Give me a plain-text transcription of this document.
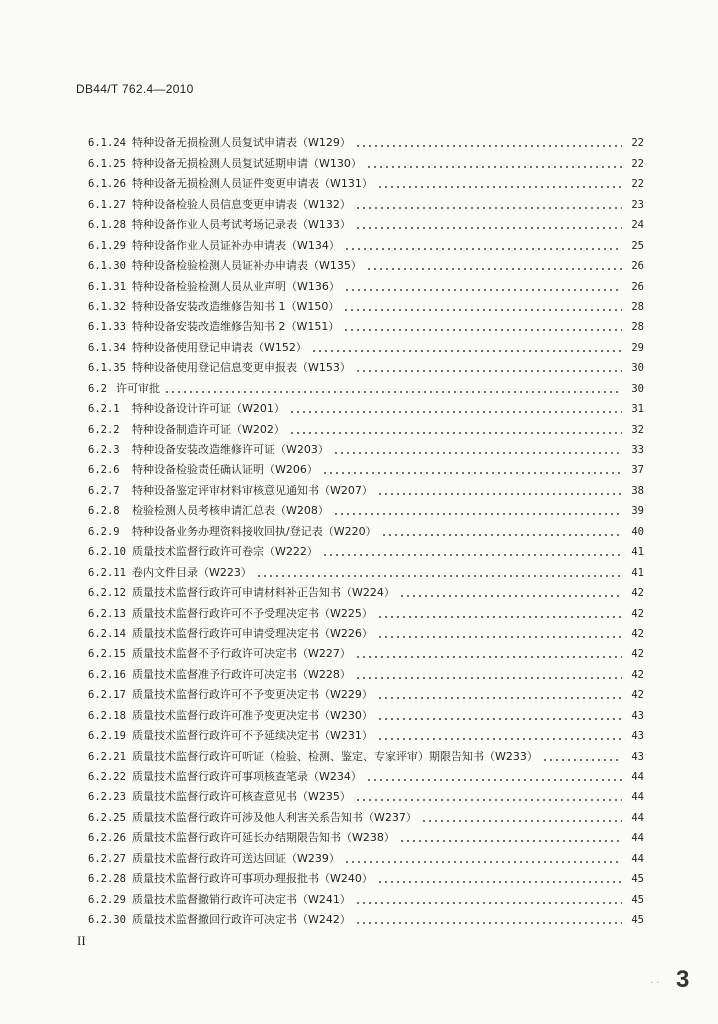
DB44/T 762.4—2010
6.1.24 特种设备无损检测人员复试申请表（W129）	22
6.1.25 特种设备无损检测人员复试延期申请（W130）	22
6.1.26 特种设备无损检测人员证件变更申请表（W131）	22
6.1.27 特种设备检验人员信息变更申请表（W132）	23
6.1.28 特种设备作业人员考试考场记录表（W133）	24
6.1.29 特种设备作业人员证补办申请表（W134）	25
6.1.30 特种设备检验检测人员证补办申请表（W135）	26
6.1.31 特种设备检验检测人员从业声明（W136）	26
6.1.32 特种设备安装改造维修告知书 1（W150）	28
6.1.33 特种设备安装改造维修告知书 2（W151）	28
6.1.34 特种设备使用登记申请表（W152）	29
6.1.35 特种设备使用登记信息变更申报表（W153）	30
6.2 许可审批	30
6.2.1	特种设备设计许可证（W201）	31
6.2.2	特种设备制造许可证（W202）	32
6.2.3	特种设备安装改造维修许可证（W203）	33
6.2.6	特种设备检验责任确认证明（W206）	37
6.2.7	特种设备鉴定评审材料审核意见通知书（W207）	38
6.2.8	检验检测人员考核申请汇总表（W208）	39
6.2.9	特种设备业务办理资料接收回执/登记表（W220）	40
6.2.10 质量技术监督行政许可卷宗（W222）	41
6.2.11 卷内文件目录（W223）	41
6.2.12 质量技术监督行政许可申请材料补正告知书（W224）	42
6.2.13 质量技术监督行政许可不予受理决定书（W225）	42
6.2.14 质量技术监督行政许可申请受理决定书（W226）	42
6.2.15 质量技术监督不予行政许可决定书（W227）	42
6.2.16 质量技术监督准予行政许可决定书（W228）	42
6.2.17 质量技术监督行政许可不予变更决定书（W229）	42
6.2.18 质量技术监督行政许可准予变更决定书（W230）	43
6.2.19 质量技术监督行政许可不予延续决定书（W231）	43
6.2.21 质量技术监督行政许可听证（检验、检测、鉴定、专家评审）期限告知书（W233）	43
6.2.22 质量技术监督行政许可事项核查笔录（W234）	44
6.2.23 质量技术监督行政许可核查意见书（W235）	44
6.2.25 质量技术监督行政许可涉及他人利害关系告知书（W237）	44
6.2.26 质量技术监督行政许可延长办结期限告知书（W238）	44
6.2.27 质量技术监督行政许可送达回证（W239）	44
6.2.28 质量技术监督行政许可事项办理报批书（W240）	45
6.2.29 质量技术监督撤销行政许可决定书（W241）	45
6.2.30 质量技术监督撤回行政许可决定书（W242）	45
II
· · 3
